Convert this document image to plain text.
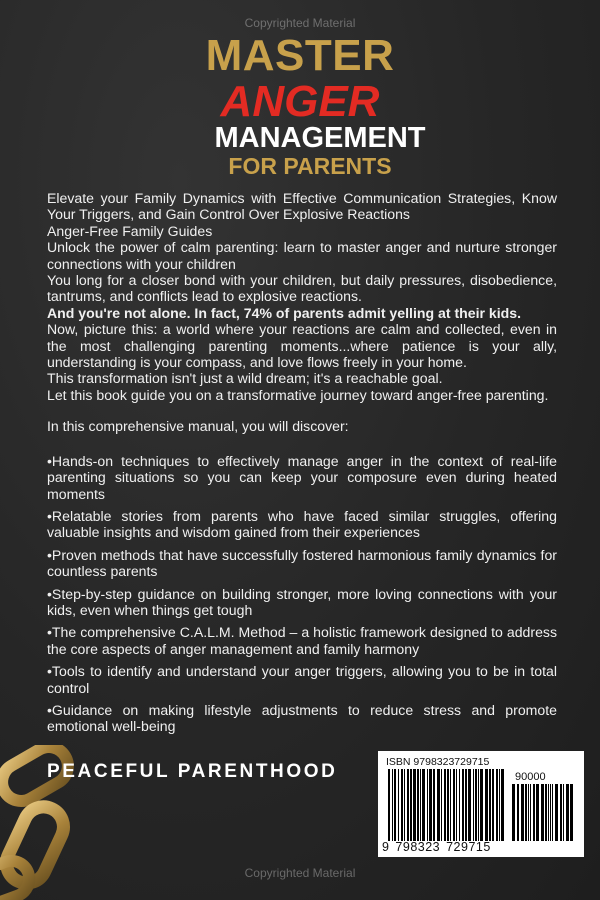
Copyrighted Material
MASTER
ANGER
MANAGEMENT
FOR PARENTS

Elevate your Family Dynamics with Effective Communication Strategies, Know Your Triggers, and Gain Control Over Explosive Reactions

Anger-Free Family Guides

Unlock the power of calm parenting: learn to master anger and nurture stronger connections with your children

You long for a closer bond with your children, but daily pressures, disobedience, tantrums, and conflicts lead to explosive reactions.

And you're not alone. In fact, 74% of parents admit yelling at their kids.

Now, picture this: a world where your reactions are calm and collected, even in the most challenging parenting moments...where patience is your ally, understanding is your compass, and love flows freely in your home.

This transformation isn't just a wild dream; it's a reachable goal.

Let this book guide you on a transformative journey toward anger-free parenting.

In this comprehensive manual, you will discover:

•Hands-on techniques to effectively manage anger in the context of real-life parenting situations so you can keep your composure even during heated moments

•Relatable stories from parents who have faced similar struggles, offering valuable insights and wisdom gained from their experiences

•Proven methods that have successfully fostered harmonious family dynamics for countless parents

•Step-by-step guidance on building stronger, more loving connections with your kids, even when things get tough

•The comprehensive C.A.L.M. Method – a holistic framework designed to address the core aspects of anger management and family harmony

•Tools to identify and understand your anger triggers, allowing you to be in total control

•Guidance on making lifestyle adjustments to reduce stress and promote emotional well-being

PEACEFUL PARENTHOOD	ISBN 9798323729715
90000
9 798323 729715
Copyrighted Material
